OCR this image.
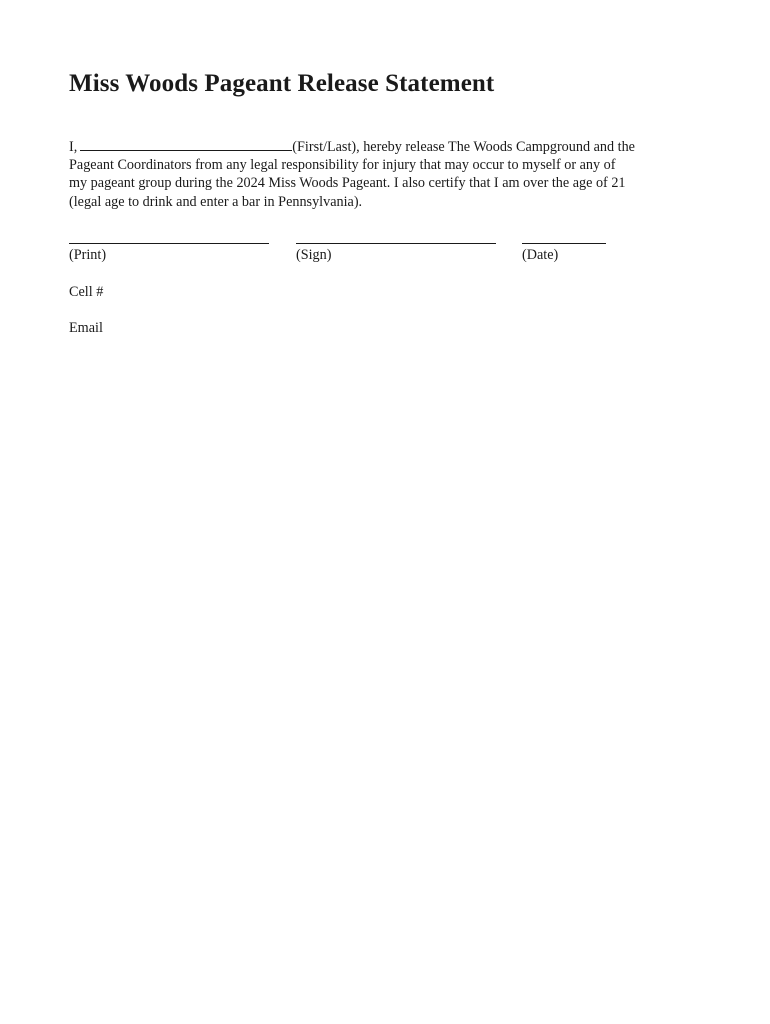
Miss Woods Pageant Release Statement

I,	(First/Last), hereby release The Woods Campground and the
Pageant Coordinators from any legal responsibility for injury that may occur to myself or any of
my pageant group during the 2024 Miss Woods Pageant. I also certify that I am over the age of 21
(legal age to drink and enter a bar in Pennsylvania).

(Print)	(Sign)	(Date)
Cell #
Email
